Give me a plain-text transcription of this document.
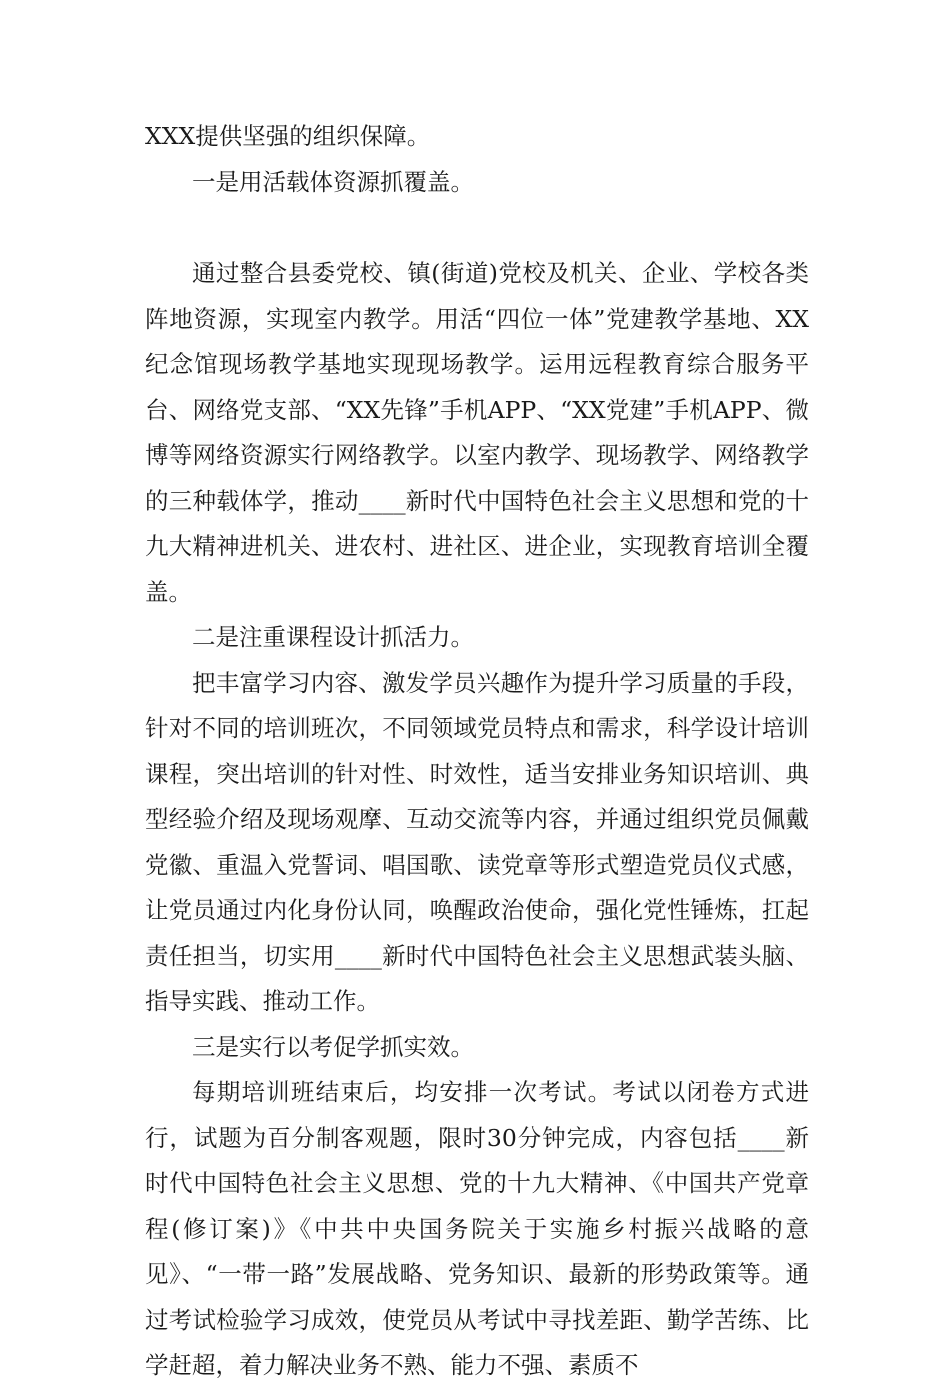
XXX提供坚强的组织保障。

一是用活载体资源抓覆盖。

通过整合县委党校、镇(街道)党校及机关、企业、学校各类阵地资源，实现室内教学。用活“四位一体”党建教学基地、XX纪念馆现场教学基地实现现场教学。运用远程教育综合服务平台、网络党支部、“XX先锋”手机APP、“XX党建”手机APP、微博等网络资源实行网络教学。以室内教学、现场教学、网络教学的三种载体学，推动____新时代中国特色社会主义思想和党的十九大精神进机关、进农村、进社区、进企业，实现教育培训全覆盖。

二是注重课程设计抓活力。

把丰富学习内容、激发学员兴趣作为提升学习质量的手段，针对不同的培训班次，不同领域党员特点和需求，科学设计培训课程，突出培训的针对性、时效性，适当安排业务知识培训、典型经验介绍及现场观摩、互动交流等内容，并通过组织党员佩戴党徽、重温入党誓词、唱国歌、读党章等形式塑造党员仪式感，让党员通过内化身份认同，唤醒政治使命，强化党性锤炼，扛起责任担当，切实用____新时代中国特色社会主义思想武装头脑、指导实践、推动工作。

三是实行以考促学抓实效。

每期培训班结束后，均安排一次考试。考试以闭卷方式进行，试题为百分制客观题，限时30分钟完成，内容包括____新时代中国特色社会主义思想、党的十九大精神、《中国共产党章程(修订案)》《中共中央国务院关于实施乡村振兴战略的意见》、“一带一路”发展战略、党务知识、最新的形势政策等。通过考试检验学习成效，使党员从考试中寻找差距、勤学苦练、比学赶超，着力解决业务不熟、能力不强、素质不
